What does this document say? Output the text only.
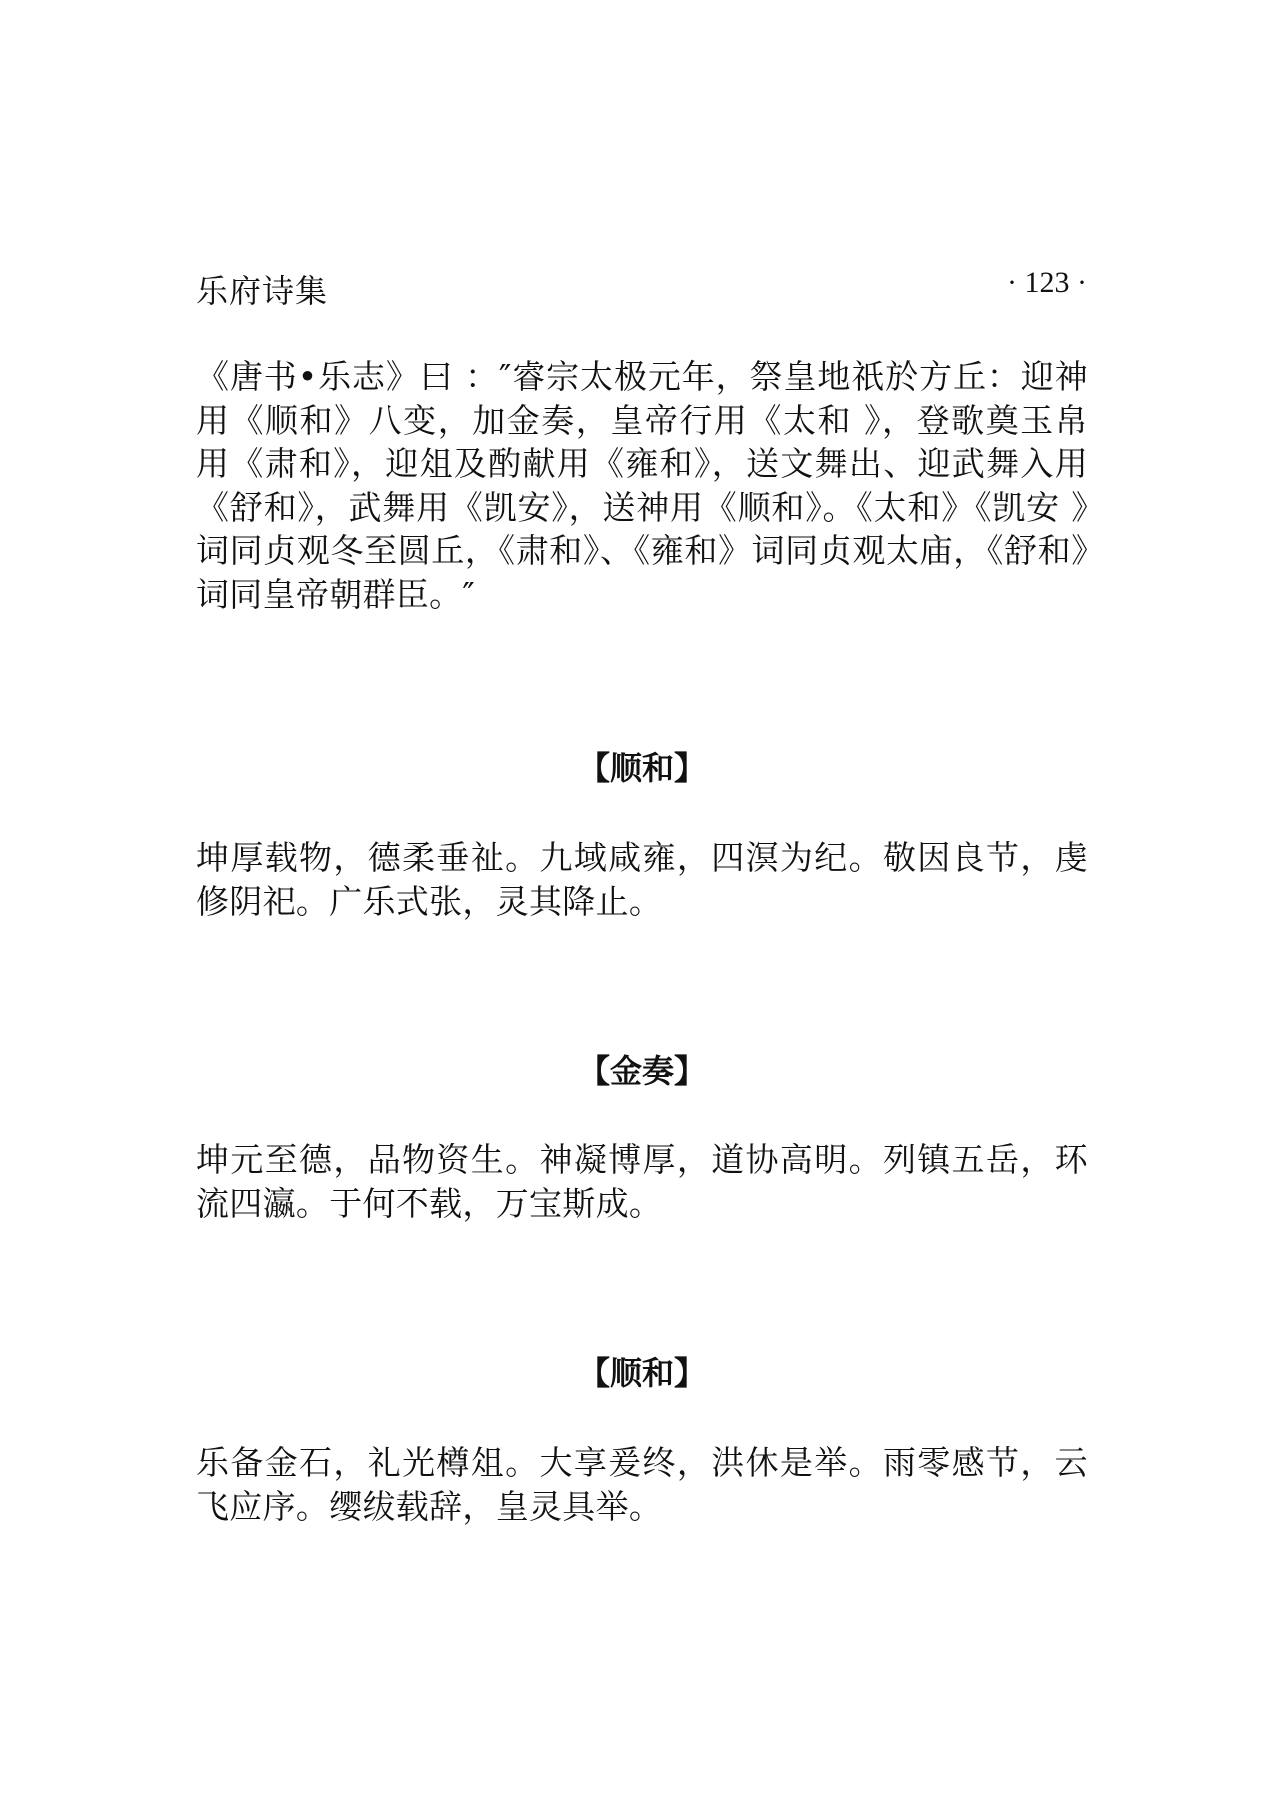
乐府诗集	· 123 ·

《唐书•乐志》曰 ：″睿宗太极元年，祭皇地祇於方丘：迎神用《顺和》八变，加金奏，皇帝行用《太和 》，登歌奠玉帛用《肃和》，迎俎及酌献用《雍和》，送文舞出、迎武舞入用《舒和》，武舞用《凯安》，送神用《顺和》。《太和》《凯安 》词同贞观冬至圆丘，《肃和》、《雍和》词同贞观太庙，《舒和》词同皇帝朝群臣。″

【顺和】

坤厚载物，德柔垂祉。九域咸雍，四溟为纪。敬因良节，虔修阴祀。广乐式张，灵其降止。

【金奏】

坤元至德，品物资生。神凝博厚，道协高明。列镇五岳，环流四瀛。于何不载，万宝斯成。

【顺和】

乐备金石，礼光樽俎。大享爰终，洪休是举。雨零感节，云飞应序。缨绂载辞，皇灵具举。
